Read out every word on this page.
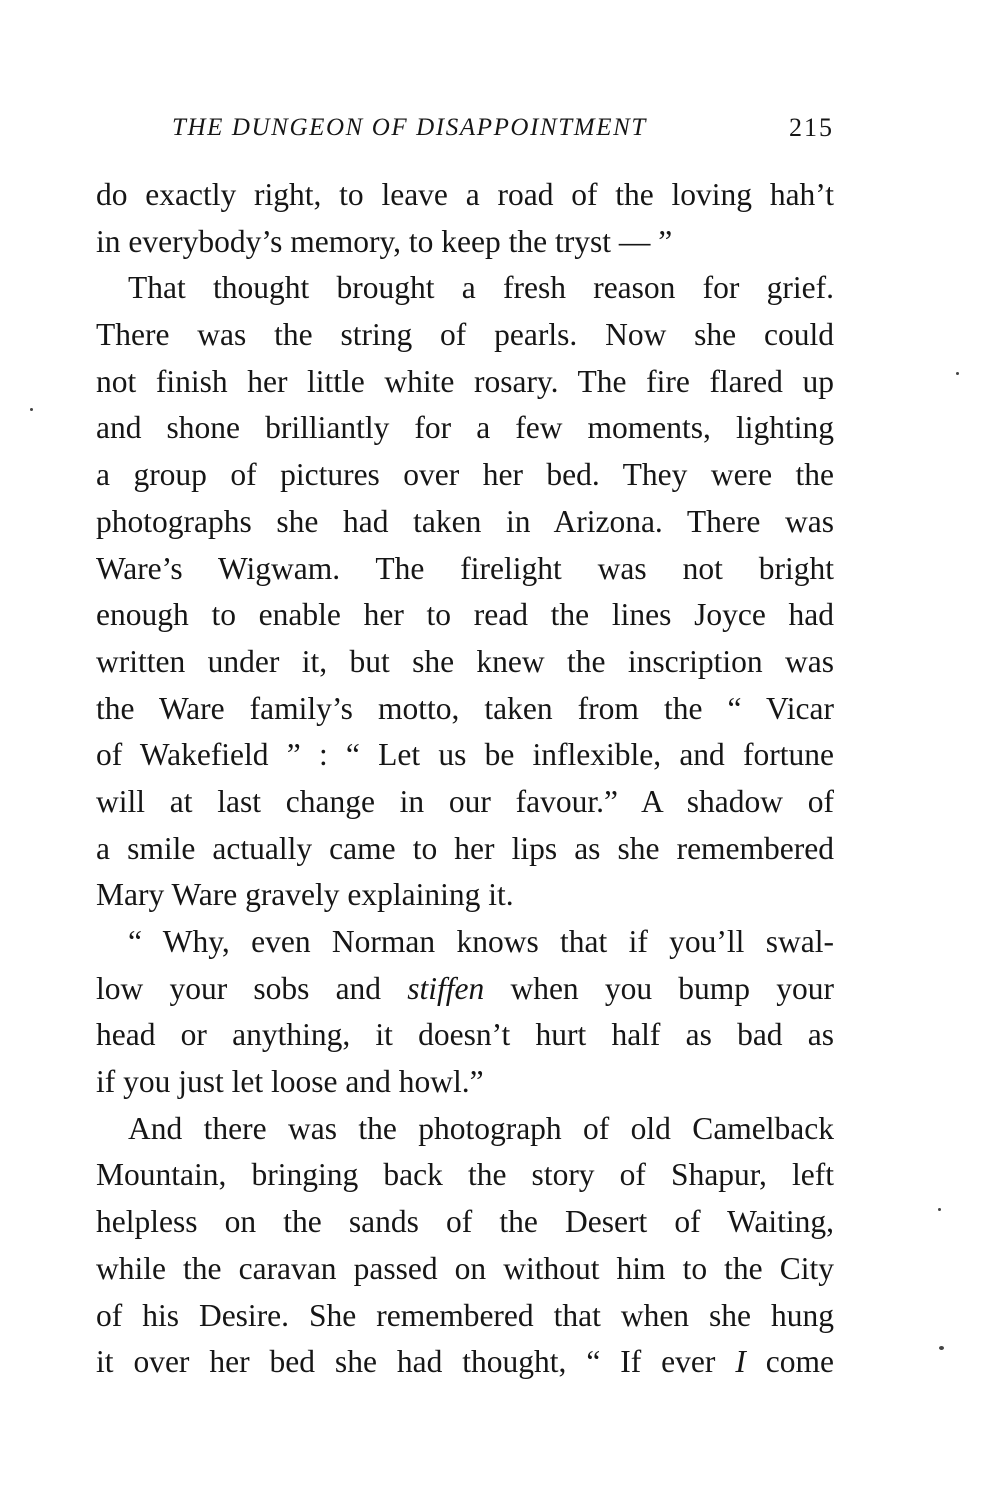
THE DUNGEON OF DISAPPOINTMENT	215
do exactly right, to leave a road of the loving hah’t
in everybody’s memory, to keep the tryst — ”
That thought brought a fresh reason for grief.
There was the string of pearls. Now she could
not finish her little white rosary. The fire flared up
and shone brilliantly for a few moments, lighting
a group of pictures over her bed. They were the
photographs she had taken in Arizona. There was
Ware’s Wigwam. The firelight was not bright
enough to enable her to read the lines Joyce had
written under it, but she knew the inscription was
the Ware family’s motto, taken from the “ Vicar
of Wakefield ” : “ Let us be inflexible, and fortune
will at last change in our favour.” A shadow of
a smile actually came to her lips as she remembered
Mary Ware gravely explaining it.
“ Why, even Norman knows that if you’ll swal-
low your sobs and stiffen when you bump your
head or anything, it doesn’t hurt half as bad as
if you just let loose and howl.”
And there was the photograph of old Camelback
Mountain, bringing back the story of Shapur, left
helpless on the sands of the Desert of Waiting,
while the caravan passed on without him to the City
of his Desire. She remembered that when she hung
it over her bed she had thought, “ If ever I come
